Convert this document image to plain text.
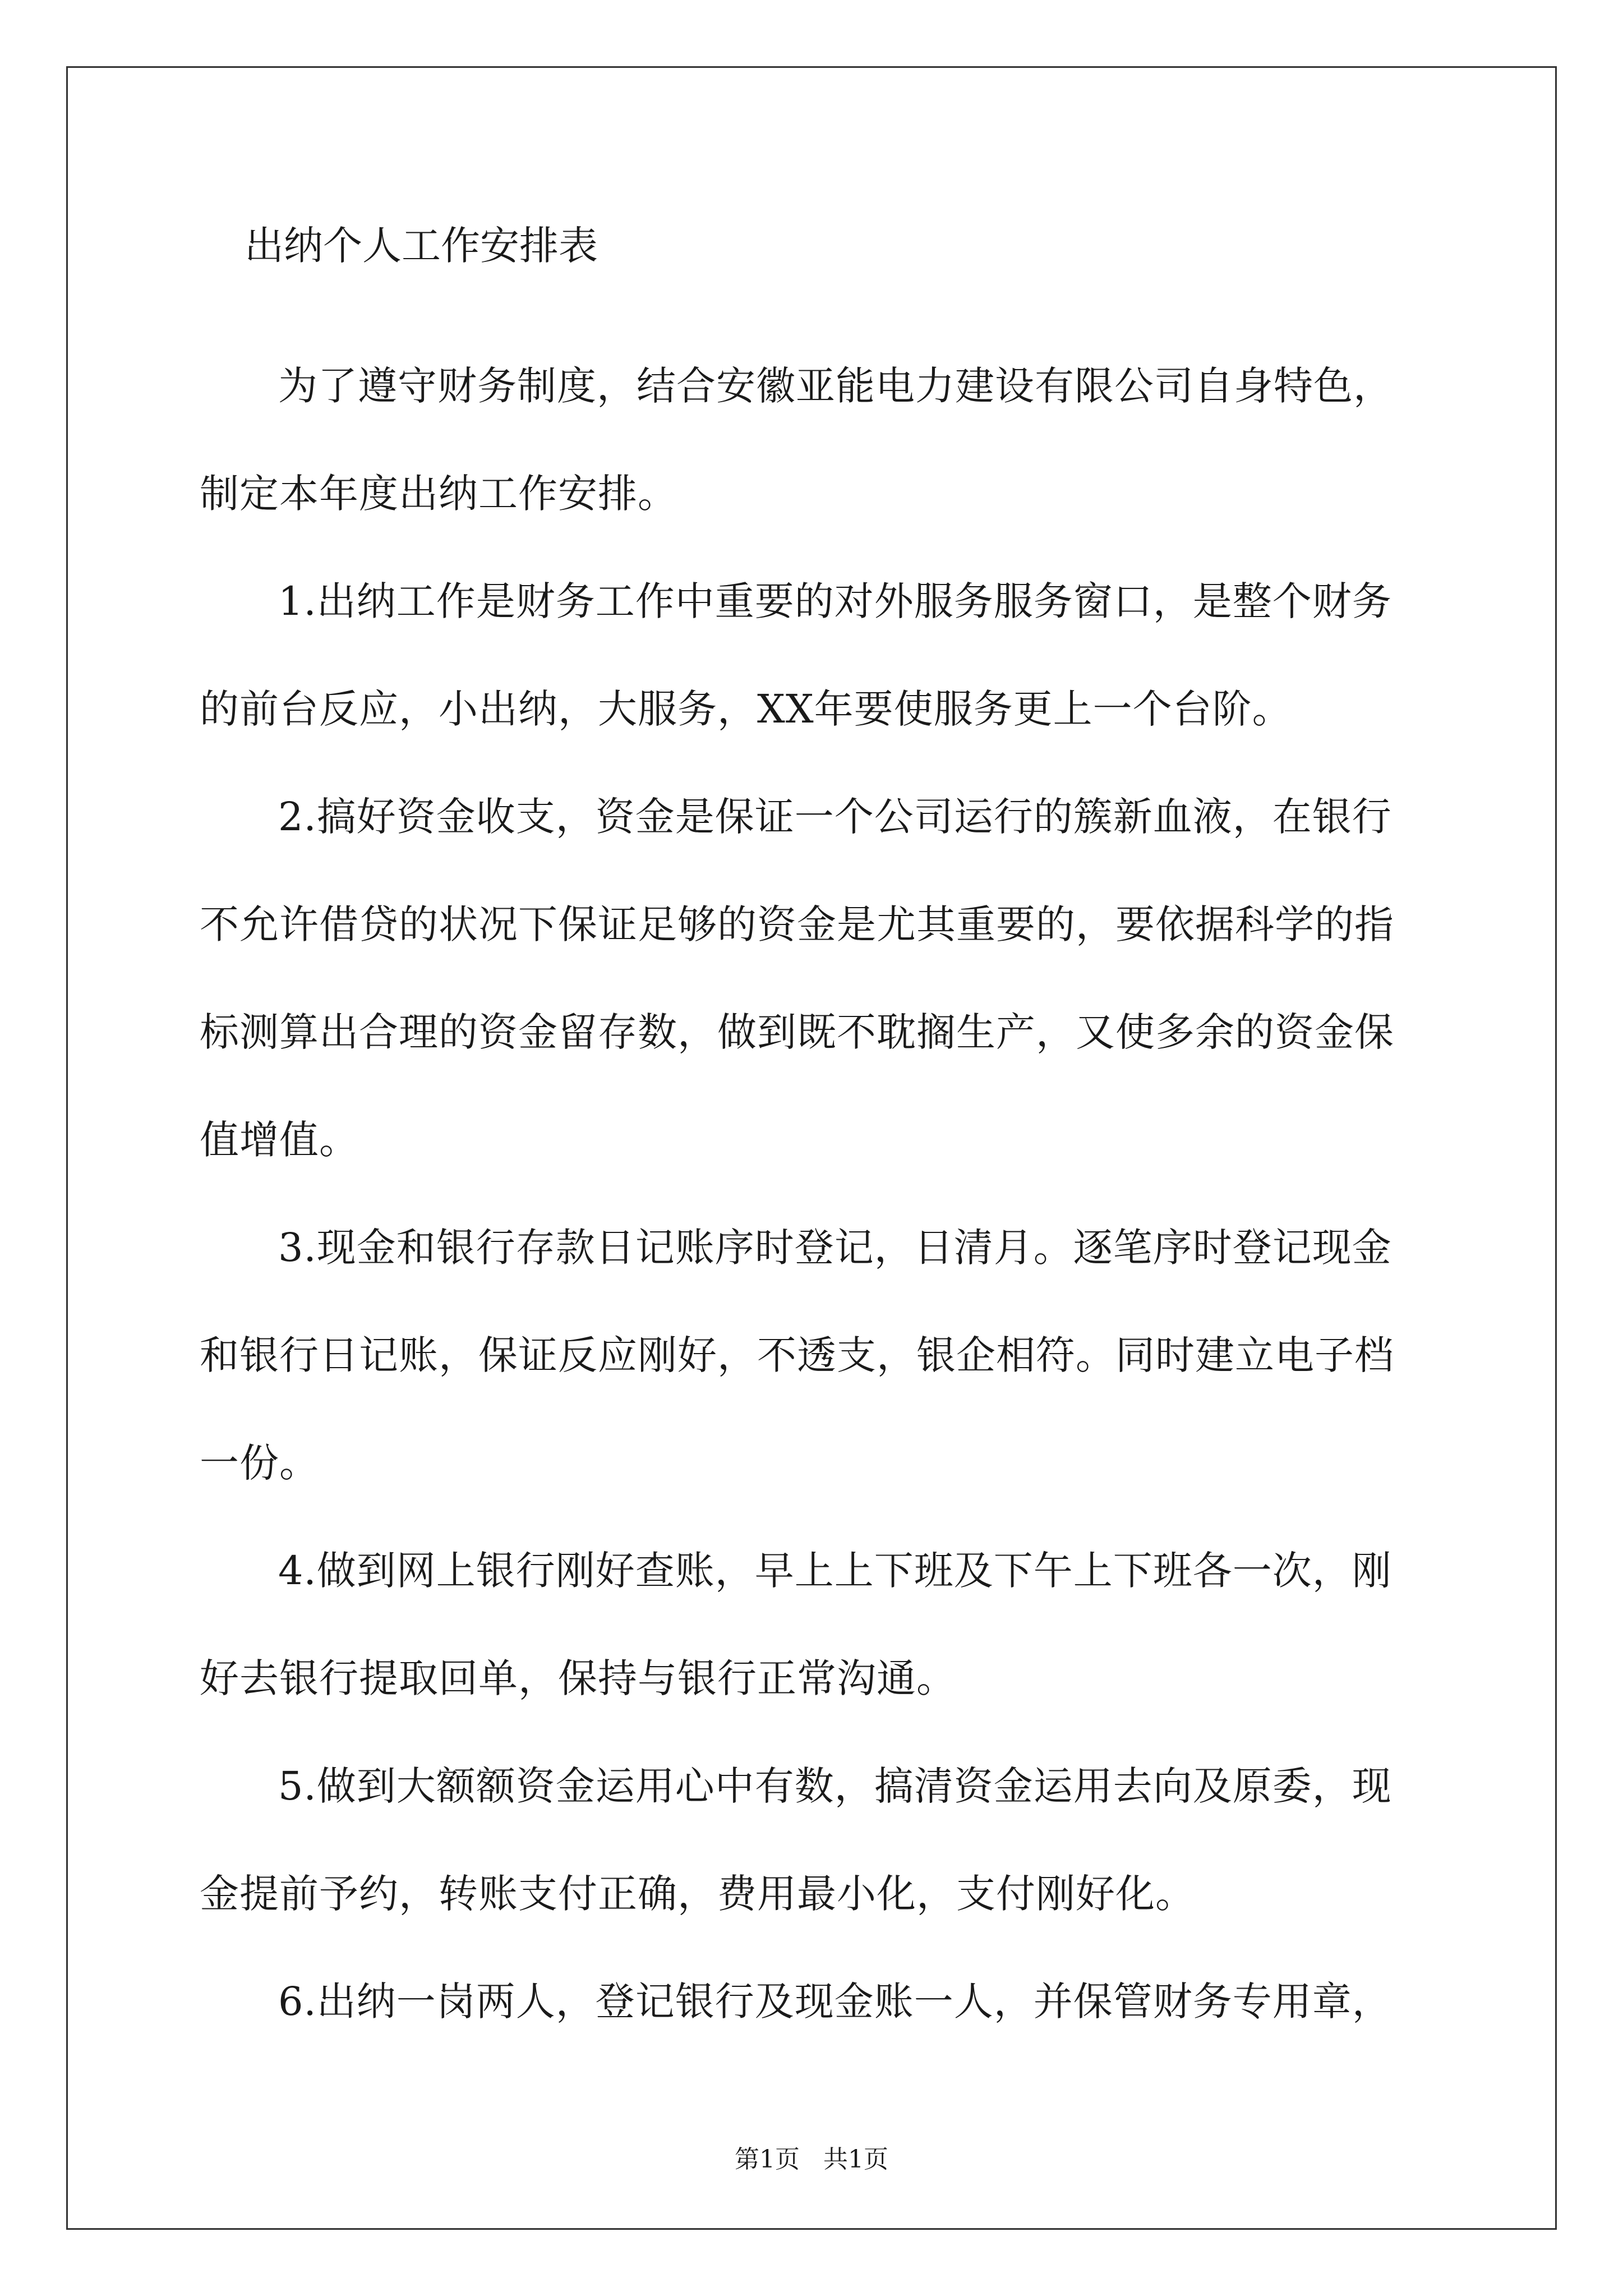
出纳个人工作安排表

为了遵守财务制度，结合安徽亚能电力建设有限公司自身特色，制定本年度出纳工作安排。

1.出纳工作是财务工作中重要的对外服务服务窗口，是整个财务的前台反应，小出纳，大服务，XX年要使服务更上一个台阶。

2.搞好资金收支，资金是保证一个公司运行的簇新血液，在银行不允许借贷的状况下保证足够的资金是尤其重要的，要依据科学的指标测算出合理的资金留存数，做到既不耽搁生产，又使多余的资金保值增值。

3.现金和银行存款日记账序时登记，日清月。逐笔序时登记现金和银行日记账，保证反应刚好，不透支，银企相符。同时建立电子档一份。

4.做到网上银行刚好查账，早上上下班及下午上下班各一次，刚好去银行提取回单，保持与银行正常沟通。

5.做到大额额资金运用心中有数，搞清资金运用去向及原委，现金提前予约，转账支付正确，费用最小化，支付刚好化。

6.出纳一岗两人，登记银行及现金账一人，并保管财务专用章，

第1页 共1页
